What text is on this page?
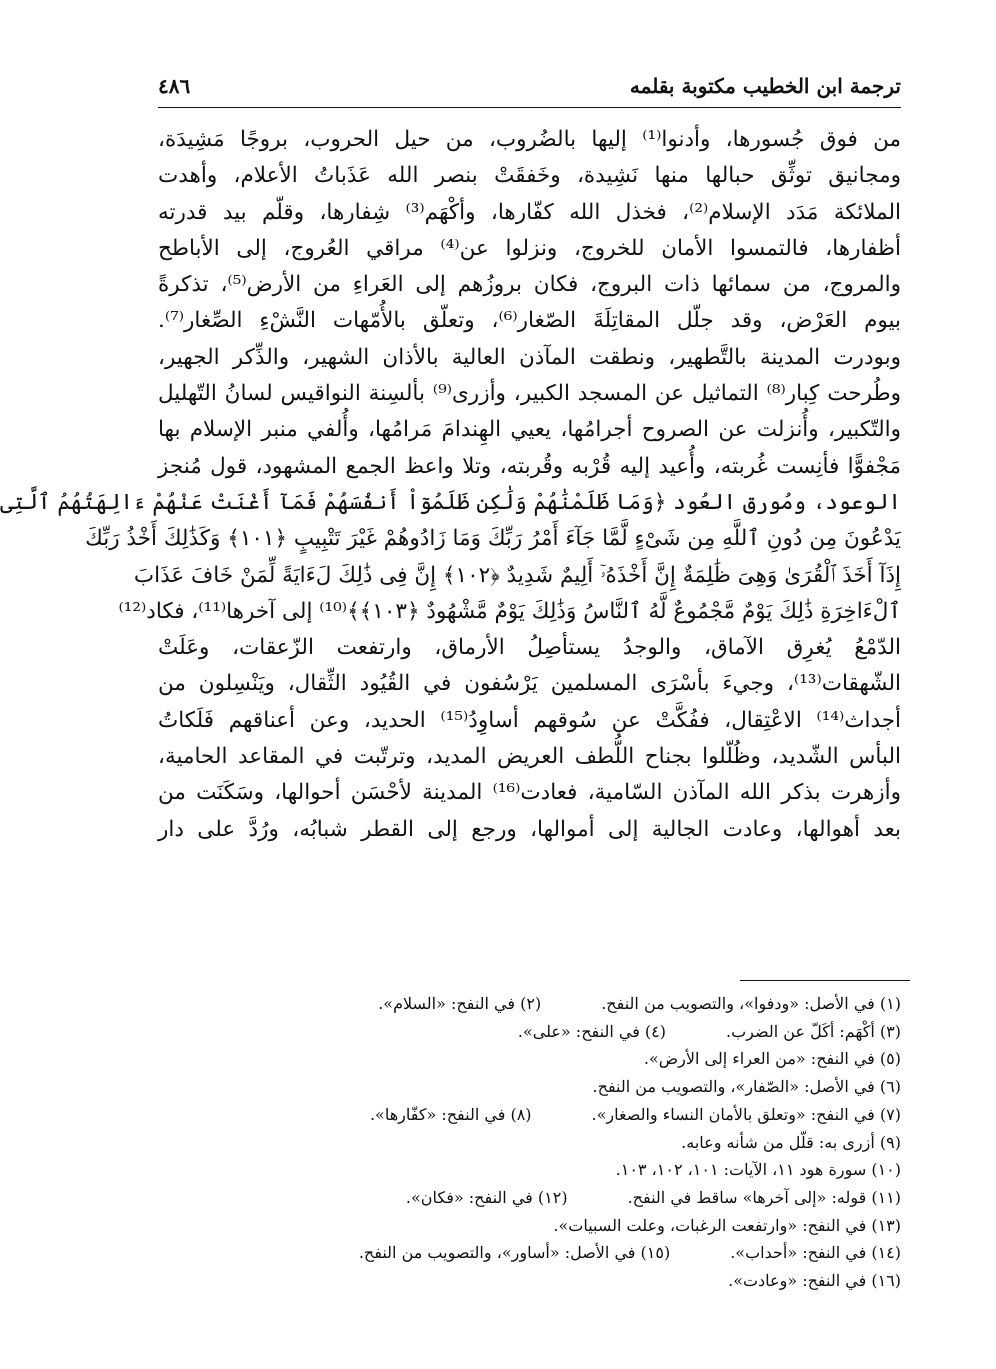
ترجمة ابن الخطيب مكتوبة بقلمه
٤٨٦
من فوق جُسورها، وأدنوا⁽¹⁾ إليها بالضُروب، من حيل الحروب، بروجًا مَشِيدَة،
ومجانيق توثِّق حبالها منها نَشِيدة، وخَفقَتْ بنصر الله عَذَباتُ الأعلام، وأهدت
الملائكة مَدَد الإسلام⁽²⁾، فخذل الله كفّارها، وأكْهَم⁽³⁾ شِفارها، وقلّم بيد قدرته
أظفارها، فالتمسوا الأمان للخروج، ونزلوا عن⁽⁴⁾ مراقي العُروج، إلى الأباطح
والمروج، من سمائها ذات البروج، فكان بروزُهم إلى العَراءِ من الأرض⁽⁵⁾، تذكرةً
بيوم العَرْض، وقد جلّل المقاتِلَةَ الصّغار⁽⁶⁾، وتعلّق بالأُمّهات النَّشْءِ الصِّغار⁽⁷⁾.
وبودرت المدينة بالتَّطهير، ونطقت المآذن العالية بالأذان الشهير، والذِّكر الجهير،
وطُرحت كِبار⁽⁸⁾ التماثيل عن المسجد الكبير، وأزرى⁽⁹⁾ بألسِنة النواقيس لسانُ التّهليل
والتّكبير، وأُنزلت عن الصروح أجرامُها، يعيي الهِندامَ مَرامُها، وأُلفي منبر الإسلام بها
مَجْفوًّا فأنِست غُربته، وأُعيد إليه قُرْبه وقُربته، وتلا واعظ الجمع المشهود، قول مُنجز
الوعود، ومُورق العُود ﴿وَمَا ظَلَمْنَٰهُمْ وَلَٰكِن ظَلَمُوٓاْ أَنفُسَهُمْ فَمَآ أَغْنَتْ عَنْهُمْ ءَالِهَتُهُمُ ٱلَّتِى
يَدْعُونَ مِن دُونِ ٱللَّهِ مِن شَىْءٍ لَّمَّا جَآءَ أَمْرُ رَبِّكَ وَمَا زَادُوهُمْ غَيْرَ تَتْبِيبٍ ﴿١٠١﴾ وَكَذَٰلِكَ أَخْذُ رَبِّكَ
إِذَآ أَخَذَ ٱلْقُرَىٰ وَهِىَ ظَٰلِمَةٌ إِنَّ أَخْذَهُۥٓ أَلِيمٌ شَدِيدٌ ﴿١٠٢﴾ إِنَّ فِى ذَٰلِكَ لَءَايَةً لِّمَنْ خَافَ عَذَابَ
ٱلْءَاخِرَةِ ذَٰلِكَ يَوْمٌ مَّجْمُوعٌ لَّهُ ٱلنَّاسُ وَذَٰلِكَ يَوْمٌ مَّشْهُودٌ ﴿١٠٣﴾﴾⁽¹⁰⁾ إلى آخرها⁽¹¹⁾، فكاد⁽¹²⁾
الدّمْعُ يُغرِق الآماق، والوجدُ يستأصِلُ الأرماق، وارتفعت الزّعقات، وعَلَتْ
الشّهقات⁽¹³⁾، وجيءَ بأسْرَى المسلمين يَرْسُفون في القُيُود الثِّقال، ويَنْسِلون من
أجداث⁽¹⁴⁾ الاعْتِقال، ففُكَّتْ عن سُوقهم أساوِدُ⁽¹⁵⁾ الحديد، وعن أعناقهم فَلَكاتُ
البأس الشّديد، وظُلّلوا بجناح اللُّطف العريض المديد، وترتّبت في المقاعد الحامية،
وأزهرت بذكر الله المآذن السّامية، فعادت⁽¹⁶⁾ المدينة لأحْسَن أحوالها، وسَكَنَت من
بعد أهوالها، وعادت الجالية إلى أموالها، ورجع إلى القطر شبابُه، ورُدَّ على دار
(١) في الأصل: «ودفوا»، والتصويب من النفح.
(٢) في النفح: «السلام».
(٣) أكْهَم: أكَلّ عن الضرب.
(٤) في النفح: «على».
(٥) في النفح: «من العراء إلى الأرض».
(٦) في الأصل: «الصّفار»، والتصويب من النفح.
(٧) في النفح: «وتعلق بالأمان النساء والصغار».
(٨) في النفح: «كفّارها».
(٩) أزرى به: قلّل من شأنه وعابه.
(١٠) سورة هود ١١، الآيات: ١٠١، ١٠٢، ١٠٣.
(١١) قوله: «إلى آخرها» ساقط في النفح.
(١٢) في النفح: «فكان».
(١٣) في النفح: «وارتفعت الرغبات، وعلت السبيات».
(١٤) في النفح: «أحداب».
(١٥) في الأصل: «أساور»، والتصويب من النفح.
(١٦) في النفح: «وعادت».
